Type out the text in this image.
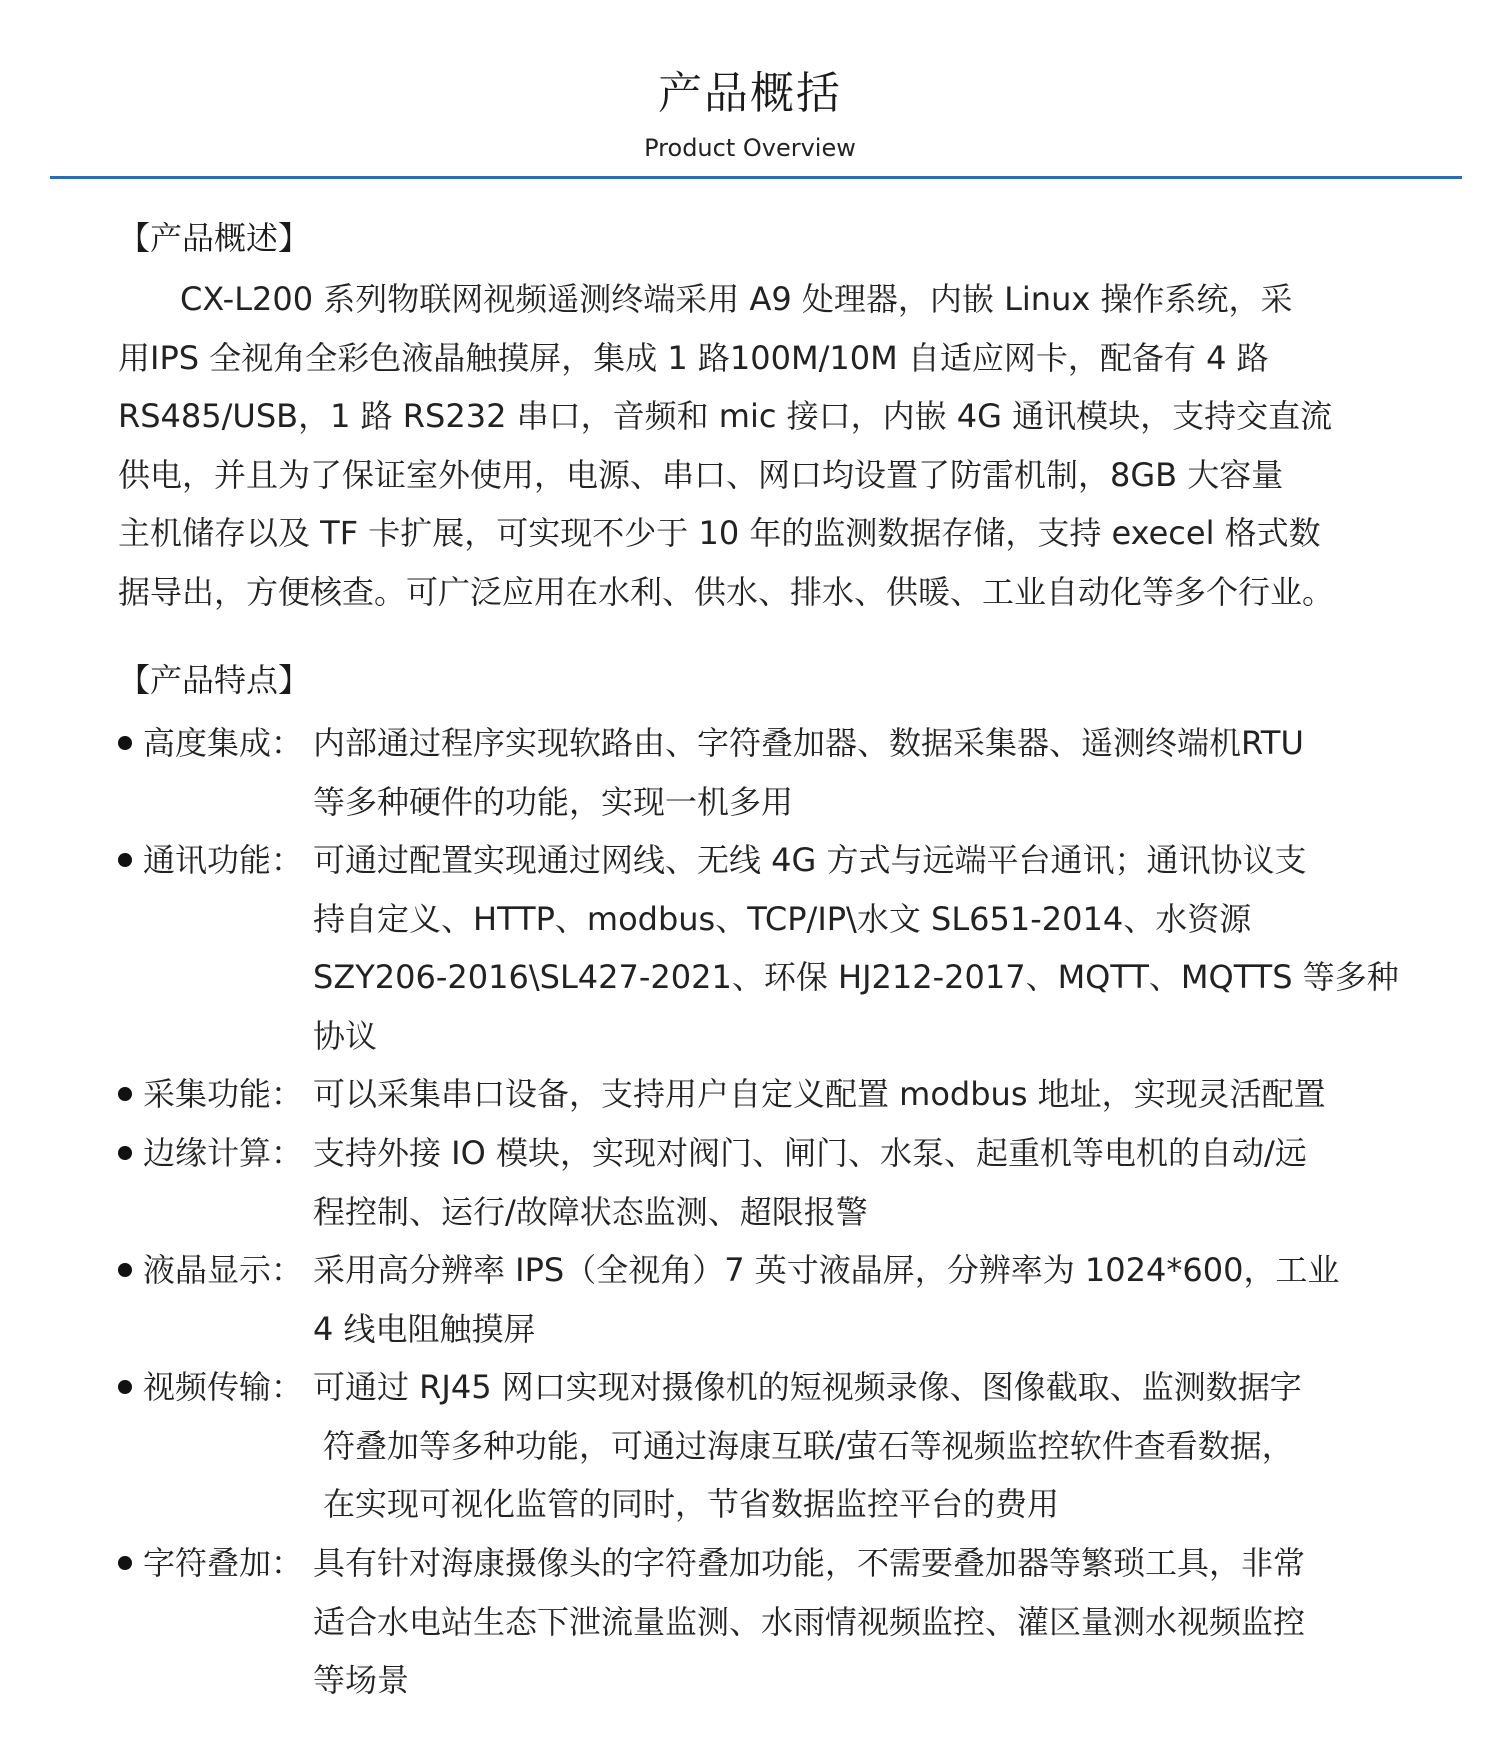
产品概括
Product Overview
【产品概述】
CX-L200 系列物联网视频遥测终端采用 A9 处理器，内嵌 Linux 操作系统，采
用IPS 全视角全彩色液晶触摸屏，集成 1 路100M/10M 自适应网卡，配备有 4 路
RS485/USB，1 路 RS232 串口，音频和 mic 接口，内嵌 4G 通讯模块，支持交直流
供电，并且为了保证室外使用，电源、串口、网口均设置了防雷机制，8GB 大容量
主机储存以及 TF 卡扩展，可实现不少于 10 年的监测数据存储，支持 execel 格式数
据导出，方便核查。可广泛应用在水利、供水、排水、供暖、工业自动化等多个行业。
【产品特点】
高度集成： 内部通过程序实现软路由、字符叠加器、数据采集器、遥测终端机RTU
等多种硬件的功能，实现一机多用
通讯功能： 可通过配置实现通过网线、无线 4G 方式与远端平台通讯；通讯协议支
持自定义、HTTP、modbus、TCP/IP\水文 SL651-2014、水资源
SZY206-2016\SL427-2021、环保 HJ212-2017、MQTT、MQTTS 等多种
协议
采集功能： 可以采集串口设备，支持用户自定义配置 modbus 地址，实现灵活配置
边缘计算： 支持外接 IO 模块，实现对阀门、闸门、水泵、起重机等电机的自动/远
程控制、运行/故障状态监测、超限报警
液晶显示： 采用高分辨率 IPS（全视角）7 英寸液晶屏，分辨率为 1024*600，工业
4 线电阻触摸屏
视频传输： 可通过 RJ45 网口实现对摄像机的短视频录像、图像截取、监测数据字
符叠加等多种功能，可通过海康互联/萤石等视频监控软件查看数据，
在实现可视化监管的同时，节省数据监控平台的费用
字符叠加： 具有针对海康摄像头的字符叠加功能，不需要叠加器等繁琐工具，非常
适合水电站生态下泄流量监测、水雨情视频监控、灌区量测水视频监控
等场景
